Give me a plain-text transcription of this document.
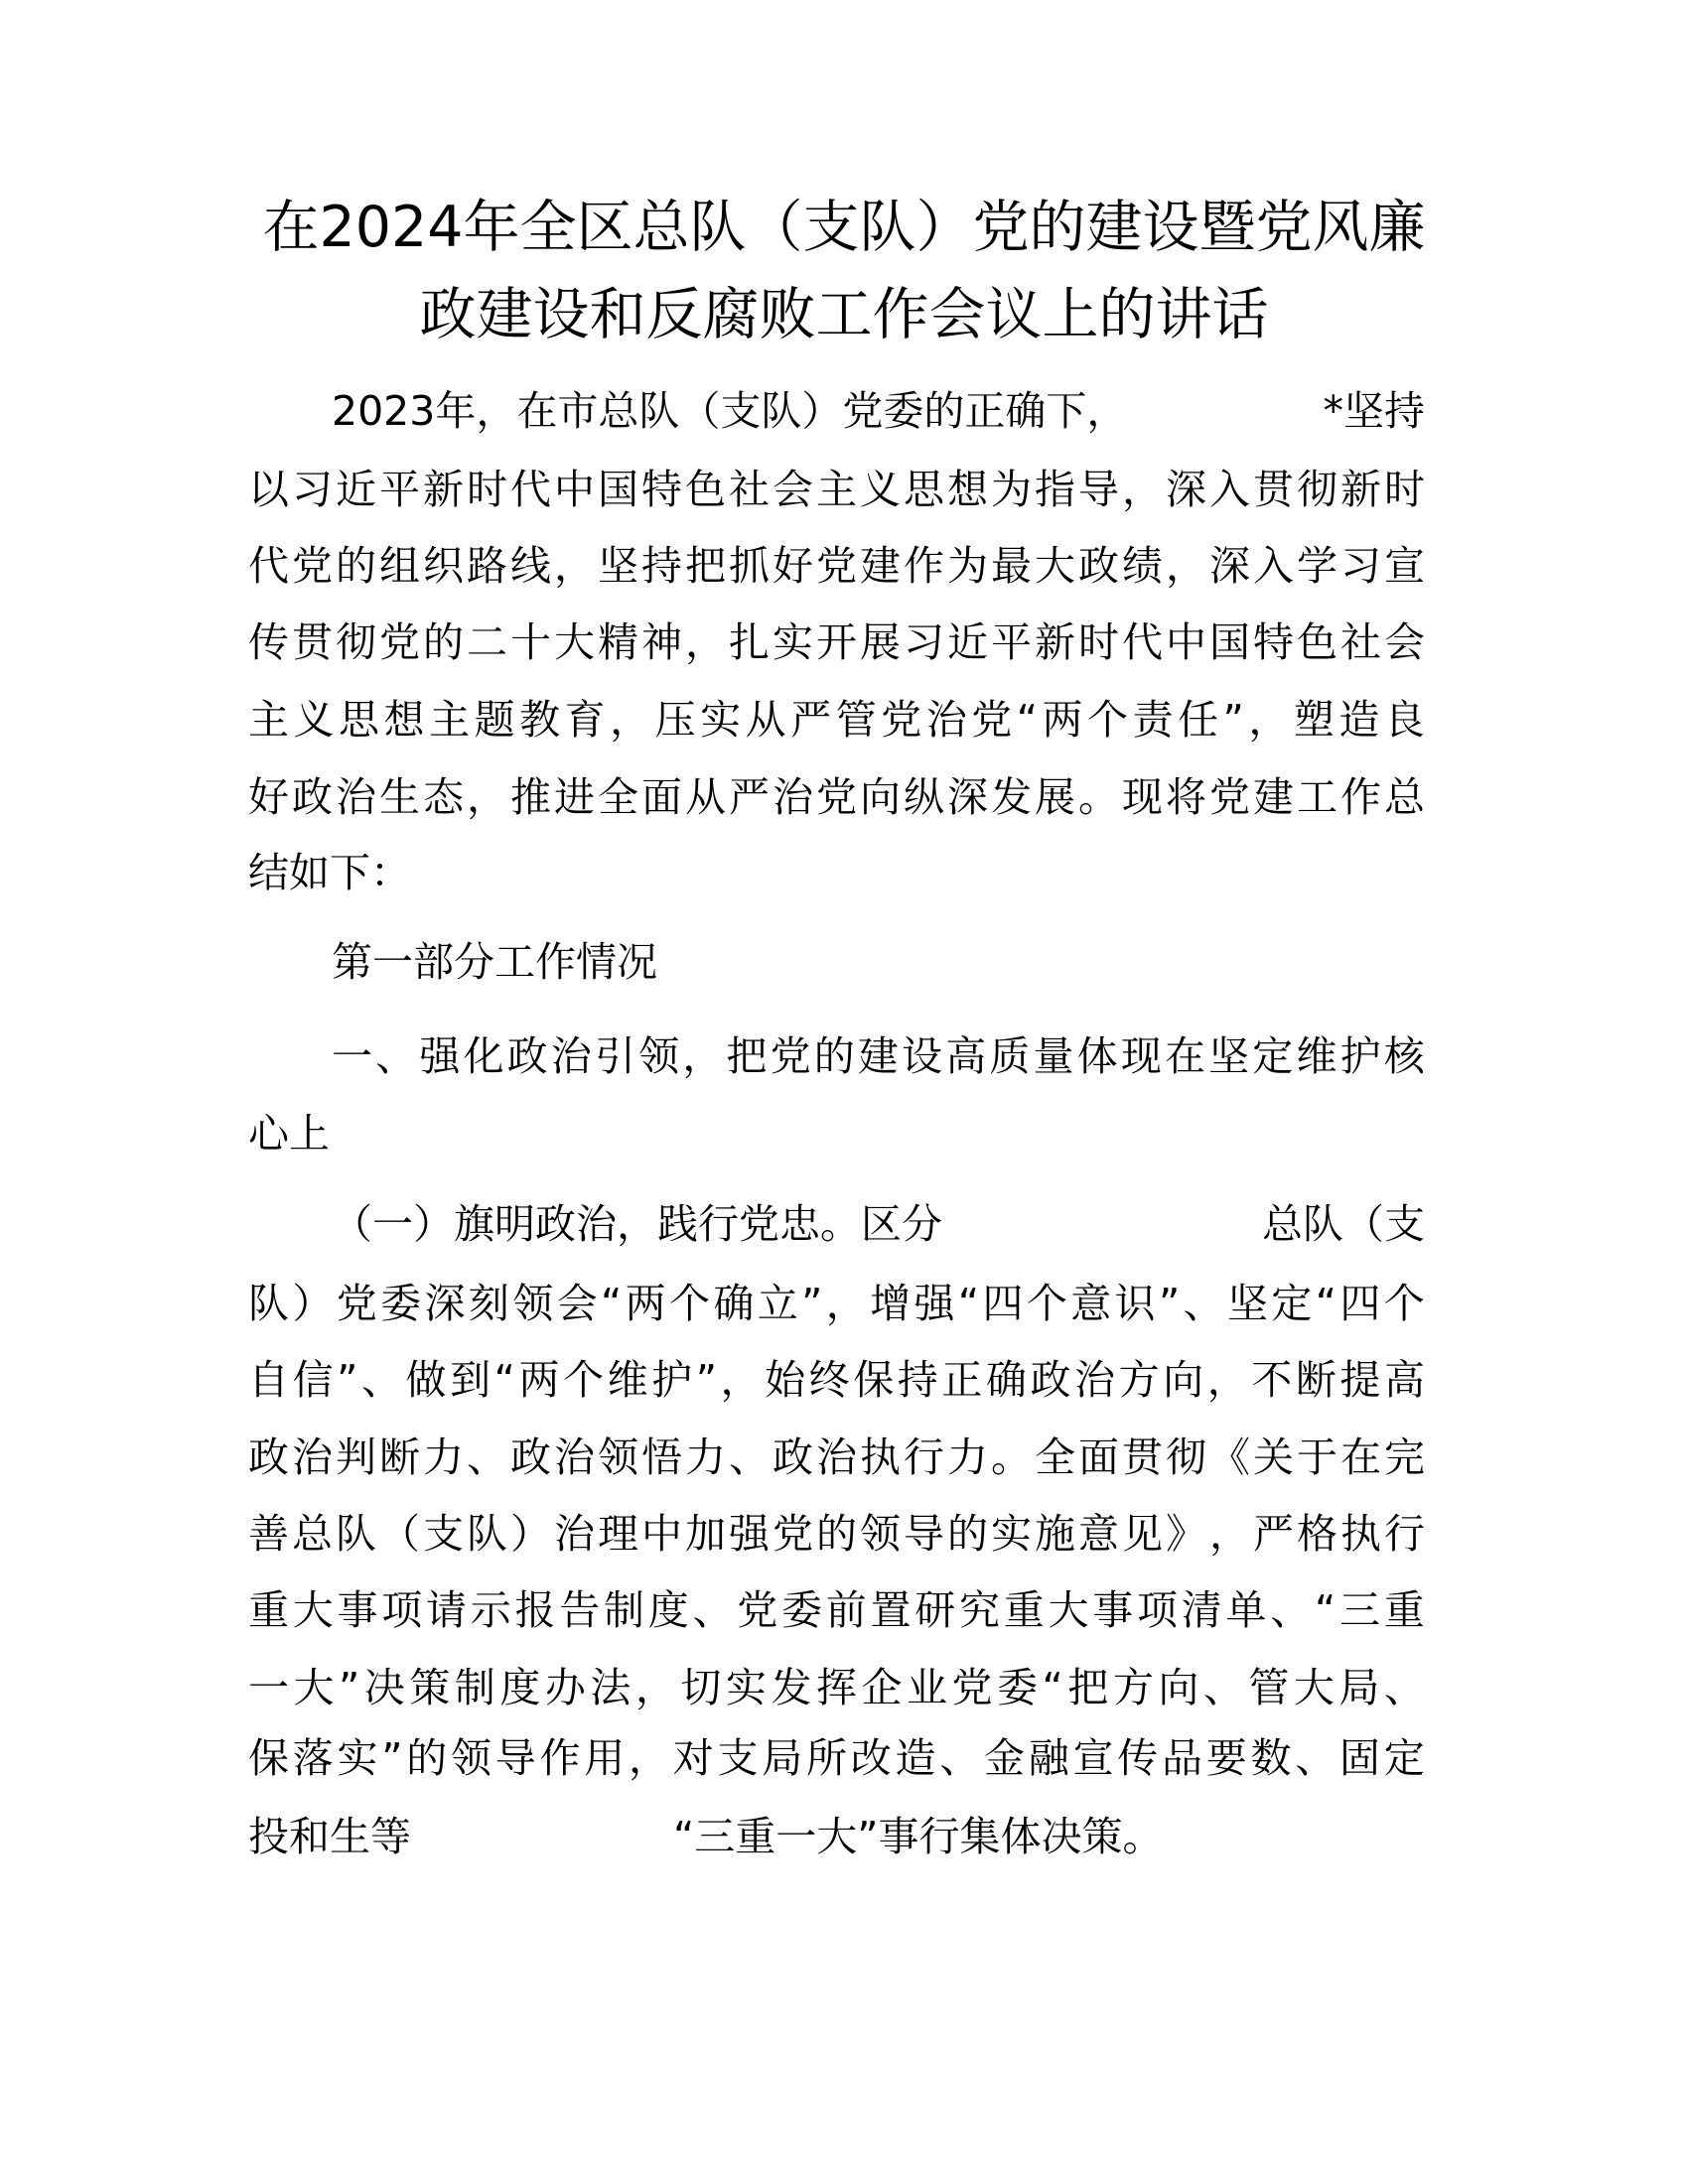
在2024年全区总队（支队）党的建设暨党风廉
政建设和反腐败工作会议上的讲话
2023年，在市总队（支队）党委的正确下，	*坚持
以 习 近 平 新 时 代 中 国 特 色 社 会 主 义 思 想 为 指 导 ， 深 入 贯 彻 新 时
代 党 的 组 织 路 线 ， 坚 持 把 抓 好 党 建 作 为 最 大 政 绩 ， 深 入 学 习 宣
传 贯 彻 党 的 二 十 大 精 神 ， 扎 实 开 展 习 近 平 新 时 代 中 国 特 色 社 会
主 义 思 想 主 题 教 育 ， 压 实 从 严 管 党 治 党 “ 两 个 责 任 ” ， 塑 造 良
好 政 治 生 态 ， 推 进 全 面 从 严 治 党 向 纵 深 发 展 。 现 将 党 建 工 作 总
结如下：
第一部分工作情况
一 、 强 化 政 治 引 领 ， 把 党 的 建 设 高 质 量 体 现 在 坚 定 维 护 核
心上
（一）旗明政治，践行党忠。区分	总队（支
队 ） 党 委 深 刻 领 会 “ 两 个 确 立 ” ， 增 强 “ 四 个 意 识 ” 、 坚 定 “ 四 个
自 信 ” 、 做 到 “ 两 个 维 护 ” ， 始 终 保 持 正 确 政 治 方 向 ， 不 断 提 高
政 治 判 断 力 、 政 治 领 悟 力 、 政 治 执 行 力 。 全 面 贯 彻 《 关 于 在 完
善 总 队 （ 支 队 ） 治 理 中 加 强 党 的 领 导 的 实 施 意 见 》 ， 严 格 执 行
重 大 事 项 请 示 报 告 制 度 、 党 委 前 置 研 究 重 大 事 项 清 单 、 “ 三 重
一 大 ” 决 策 制 度 办 法 ， 切 实 发 挥 企 业 党 委 “ 把 方 向 、 管 大 局 、
保 落 实 ” 的 领 导 作 用 ， 对 支 局 所 改 造 、 金 融 宣 传 品 要 数 、 固 定
投和生等	“三重一大”事行集体决策。
